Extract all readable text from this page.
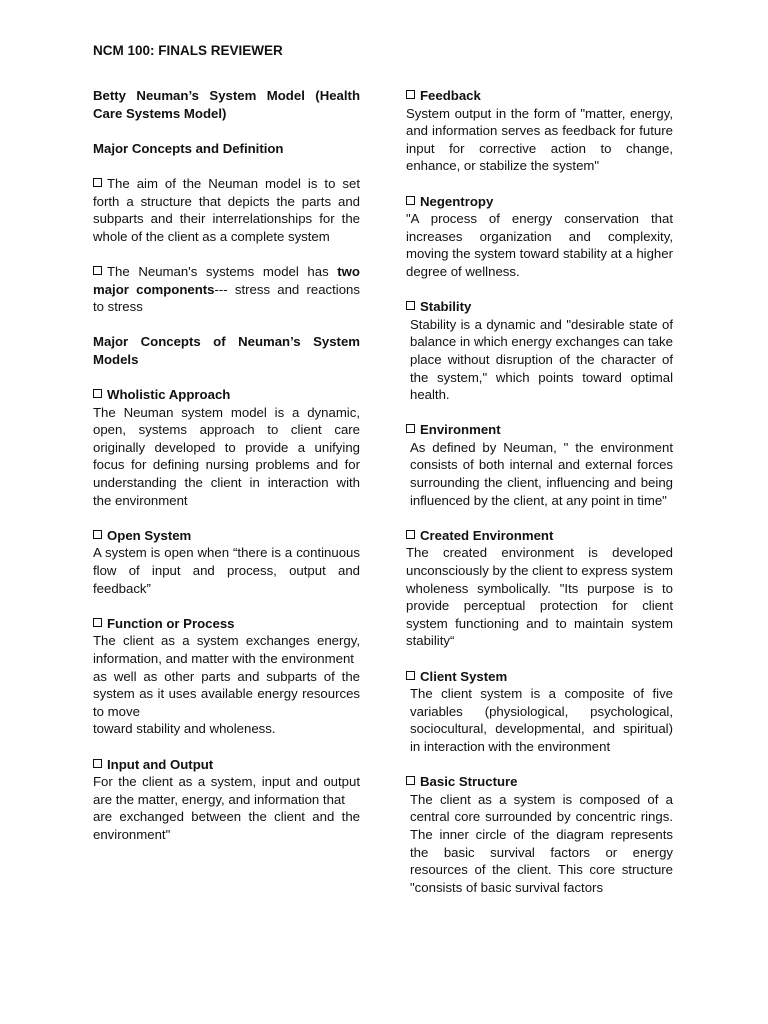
NCM 100: FINALS REVIEWER

Betty Neuman’s System Model (Health Care Systems Model)

Major Concepts and Definition

The aim of the Neuman model is to set forth a structure that depicts the parts and subparts and their interrelationships for the whole of the client as a complete system

The Neuman's systems model has two major components--- stress and reactions to stress

Major Concepts of Neuman’s System Models

Wholistic Approach

The Neuman system model is a dynamic, open, systems approach to client care originally developed to provide a unifying focus for defining nursing problems and for understanding the client in interaction with the environment

Open System

A system is open when “there is a continuous flow of input and process, output and feedback”

Function or Process

The client as a system exchanges energy, information, and matter with the environment

as well as other parts and subparts of the system as it uses available energy resources to move

toward stability and wholeness.

Input and Output

For the client as a system, input and output are the matter, energy, and information that

are exchanged between the client and the environment"

Feedback

System output in the form of "matter, energy, and information serves as feedback for future input for corrective action to change, enhance, or stabilize the system"

Negentropy

"A process of energy conservation that increases organization and complexity, moving the system toward stability at a higher degree of wellness.

Stability

Stability is a dynamic and "desirable state of balance in which energy exchanges can take place without disruption of the character of the system," which points toward optimal health.

Environment

As defined by Neuman, " the environment consists of both internal and external forces surrounding the client, influencing and being influenced by the client, at any point in time"

Created Environment

The created environment is developed unconsciously by the client to express system wholeness symbolically. "Its purpose is to provide perceptual protection for client system functioning and to maintain system stability“

Client System

The client system is a composite of five variables (physiological, psychological, sociocultural, developmental, and spiritual) in interaction with the environment

Basic Structure

The client as a system is composed of a central core surrounded by concentric rings. The inner circle of the diagram represents the basic survival factors or energy resources of the client. This core structure "consists of basic survival factors
